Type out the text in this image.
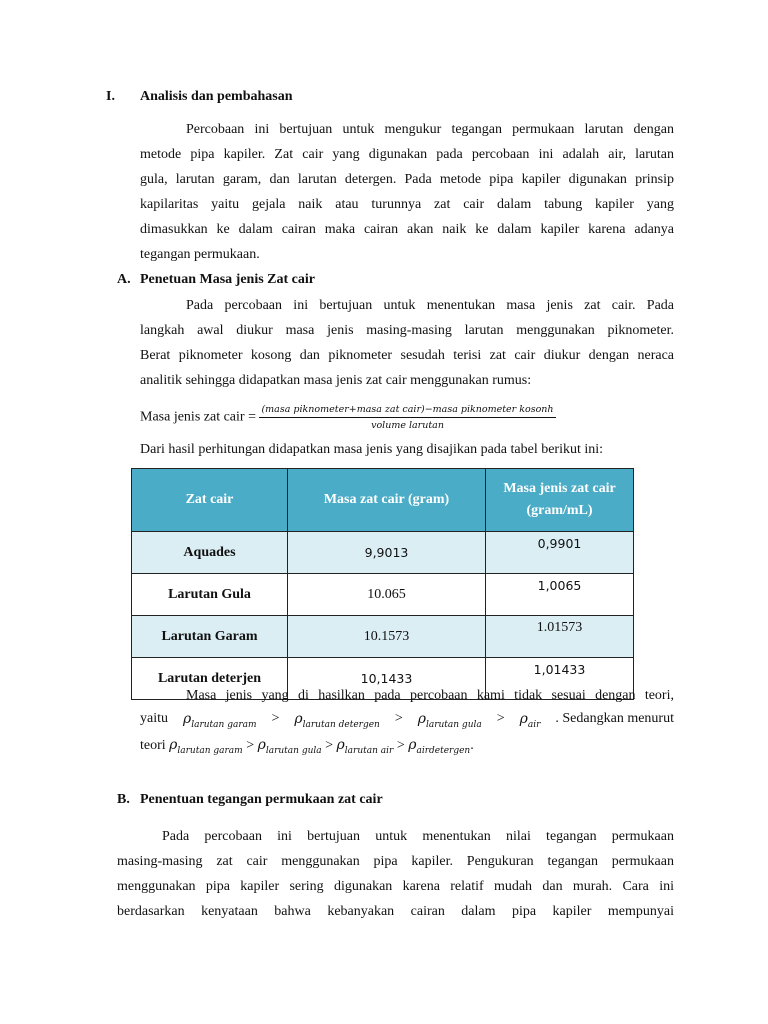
I. Analisis dan pembahasan
Percobaan ini bertujuan untuk mengukur tegangan permukaan larutan dengan
metode pipa kapiler. Zat cair yang digunakan pada percobaan ini adalah air, larutan
gula, larutan garam, dan larutan detergen. Pada metode pipa kapiler digunakan prinsip
kapilaritas yaitu gejala naik atau turunnya zat cair dalam tabung kapiler yang
dimasukkan ke dalam cairan maka cairan akan naik ke dalam kapiler karena adanya
tegangan permukaan.
A. Penetuan Masa jenis Zat cair
Pada percobaan ini bertujuan untuk menentukan masa jenis zat cair. Pada
langkah awal diukur masa jenis masing-masing larutan menggunakan piknometer.
Berat piknometer kosong dan piknometer sesudah terisi zat cair diukur dengan neraca
analitik sehingga didapatkan masa jenis zat cair menggunakan rumus:
Masa jenis zat cair = $\frac{\text{(masa piknometer+masa zat cair)−masa piknometer kosonh}}{\text{volume larutan}}$
Dari hasil perhitungan didapatkan masa jenis yang disajikan pada tabel berikut ini:
Zat cair	Masa zat cair (gram)	Masa jenis zat cair
(gram/mL)
Aquades	9,9013	0,9901
Larutan Gula	10.065	1,0065
Larutan Garam	10.1573	1.01573
Larutan deterjen	10,1433	1,01433
Masa jenis yang di hasilkan pada percobaan kami tidak sesuai dengan teori,
yaitu $\rho_{larutan garam} > \rho_{larutan detergen} > \rho_{larutan gula} > \rho_{air}$ . Sedangkan menurut
teori $\rho_{larutan garam} > \rho_{larutan gula} > \rho_{larutan air} > \rho_{airdetergen}$.
B. Penentuan tegangan permukaan zat cair
Pada percobaan ini bertujuan untuk menentukan nilai tegangan permukaan
masing-masing zat cair menggunakan pipa kapiler. Pengukuran tegangan permukaan
menggunakan pipa kapiler sering digunakan karena relatif mudah dan murah. Cara ini
berdasarkan kenyataan bahwa kebanyakan cairan dalam pipa kapiler mempunyai
